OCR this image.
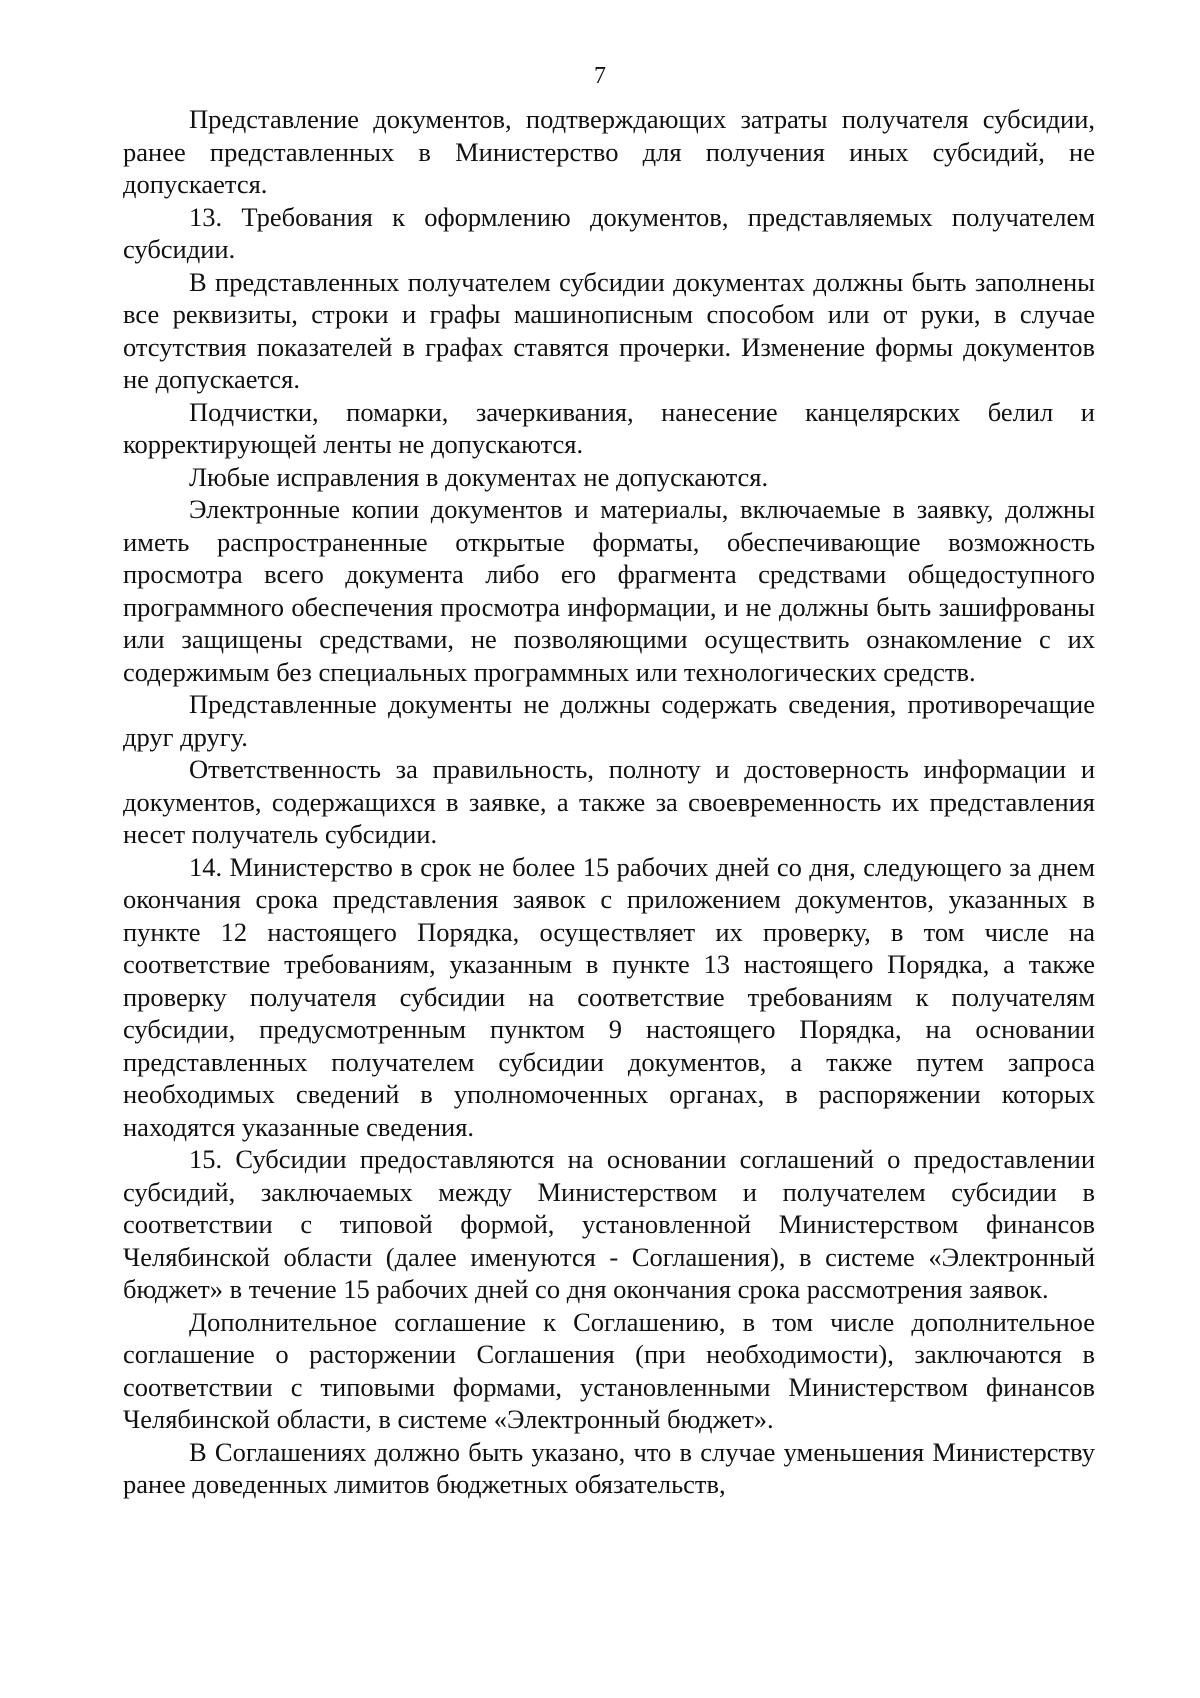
7

Представление документов, подтверждающих затраты получателя субсидии, ранее представленных в Министерство для получения иных субсидий, не допускается.

13. Требования к оформлению документов, представляемых получателем субсидии.

В представленных получателем субсидии документах должны быть заполнены все реквизиты, строки и графы машинописным способом или от руки, в случае отсутствия показателей в графах ставятся прочерки. Изменение формы документов не допускается.

Подчистки, помарки, зачеркивания, нанесение канцелярских белил и корректирующей ленты не допускаются.

Любые исправления в документах не допускаются.

Электронные копии документов и материалы, включаемые в заявку, должны иметь распространенные открытые форматы, обеспечивающие возможность просмотра всего документа либо его фрагмента средствами общедоступного программного обеспечения просмотра информации, и не должны быть зашифрованы или защищены средствами, не позволяющими осуществить ознакомление с их содержимым без специальных программных или технологических средств.

Представленные документы не должны содержать сведения, противоречащие друг другу.

Ответственность за правильность, полноту и достоверность информации и документов, содержащихся в заявке, а также за своевременность их представления несет получатель субсидии.

14. Министерство в срок не более 15 рабочих дней со дня, следующего за днем окончания срока представления заявок с приложением документов, указанных в пункте 12 настоящего Порядка, осуществляет их проверку, в том числе на соответствие требованиям, указанным в пункте 13 настоящего Порядка, а также проверку получателя субсидии на соответствие требованиям к получателям субсидии, предусмотренным пунктом 9 настоящего Порядка, на основании представленных получателем субсидии документов, а также путем запроса необходимых сведений в уполномоченных органах, в распоряжении которых находятся указанные сведения.

15. Субсидии предоставляются на основании соглашений о предоставлении субсидий, заключаемых между Министерством и получателем субсидии в соответствии с типовой формой, установленной Министерством финансов Челябинской области (далее именуются - Соглашения), в системе «Электронный бюджет» в течение 15 рабочих дней со дня окончания срока рассмотрения заявок.

Дополнительное соглашение к Соглашению, в том числе дополнительное соглашение о расторжении Соглашения (при необходимости), заключаются в соответствии с типовыми формами, установленными Министерством финансов Челябинской области, в системе «Электронный бюджет».

В Соглашениях должно быть указано, что в случае уменьшения Министерству ранее доведенных лимитов бюджетных обязательств,
